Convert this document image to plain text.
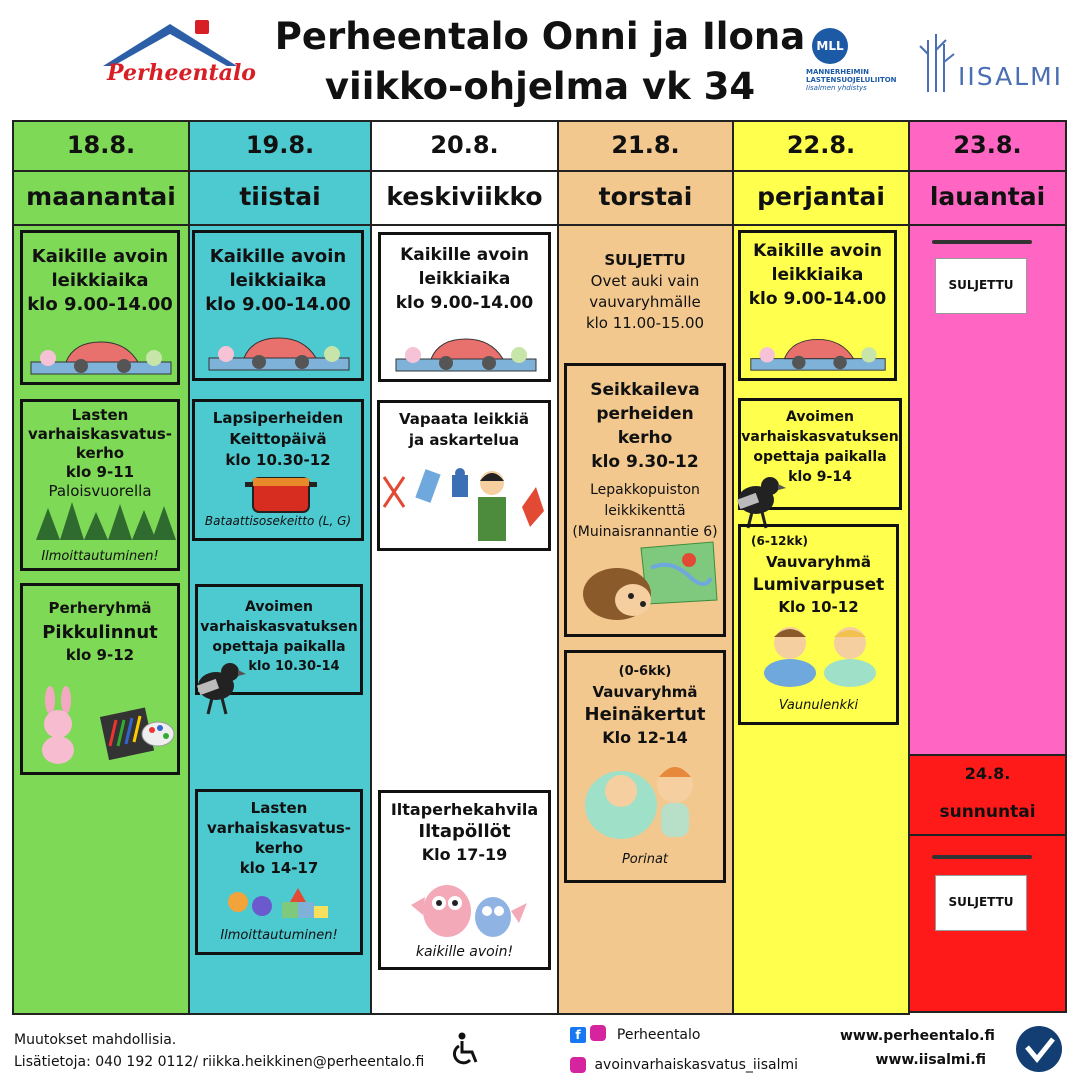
Perheentalo
Perheentalo Onni ja Ilona
viikko-ohjelma vk 34
MLL
MANNERHEIMIN
LASTENSUOJELULIITON
Iisalmen yhdistys	IISALMI
18.8.
maanantai
19.8.
tiistai
20.8.
keskiviikko
21.8.
torstai
22.8.
perjantai
23.8.
lauantai
24.8.
sunnuntai
Kaikille avoin
leikkiaika
klo 9.00-14.00
Lasten
varhaiskasvatus-
kerho
klo 9-11
Paloisvuorella
Ilmoittautuminen!
Perheryhmä
Pikkulinnut
klo 9-12
Kaikille avoin
leikkiaika
klo 9.00-14.00
Lapsiperheiden
Keittopäivä
klo 10.30-12
Bataattisosekeitto (L, G)
Avoimen
varhaiskasvatuksen
opettaja paikalla
klo 10.30-14
Lasten
varhaiskasvatus-
kerho
klo 14-17
Ilmoittautuminen!
Kaikille avoin
leikkiaika
klo 9.00-14.00
Vapaata leikkiä
ja askartelua
Iltaperhekahvila
Iltapöllöt
Klo 17-19
kaikille avoin!
SULJETTU
Ovet auki vain
vauvaryhmälle
klo 11.00-15.00
Seikkaileva
perheiden kerho
klo 9.30-12
Lepakkopuiston
leikkikenttä
(Muinaisrannantie 6)
(0-6kk)
Vauvaryhmä
Heinäkertut
Klo 12-14
Porinat
Kaikille avoin
leikkiaika
klo 9.00-14.00
Avoimen
varhaiskasvatuksen
opettaja paikalla
klo 9-14
(6-12kk)
Vauvaryhmä
Lumivarpuset
Klo 10-12
Vaunulenkki
SULJETTU
SULJETTU
Muutokset mahdollisia.
Lisätietoja: 040 192 0112/ riikka.heikkinen@perheentalo.fi
f	Perheentalo
avoinvarhaiskasvatus_iisalmi
www.perheentalo.fi
www.iisalmi.fi
